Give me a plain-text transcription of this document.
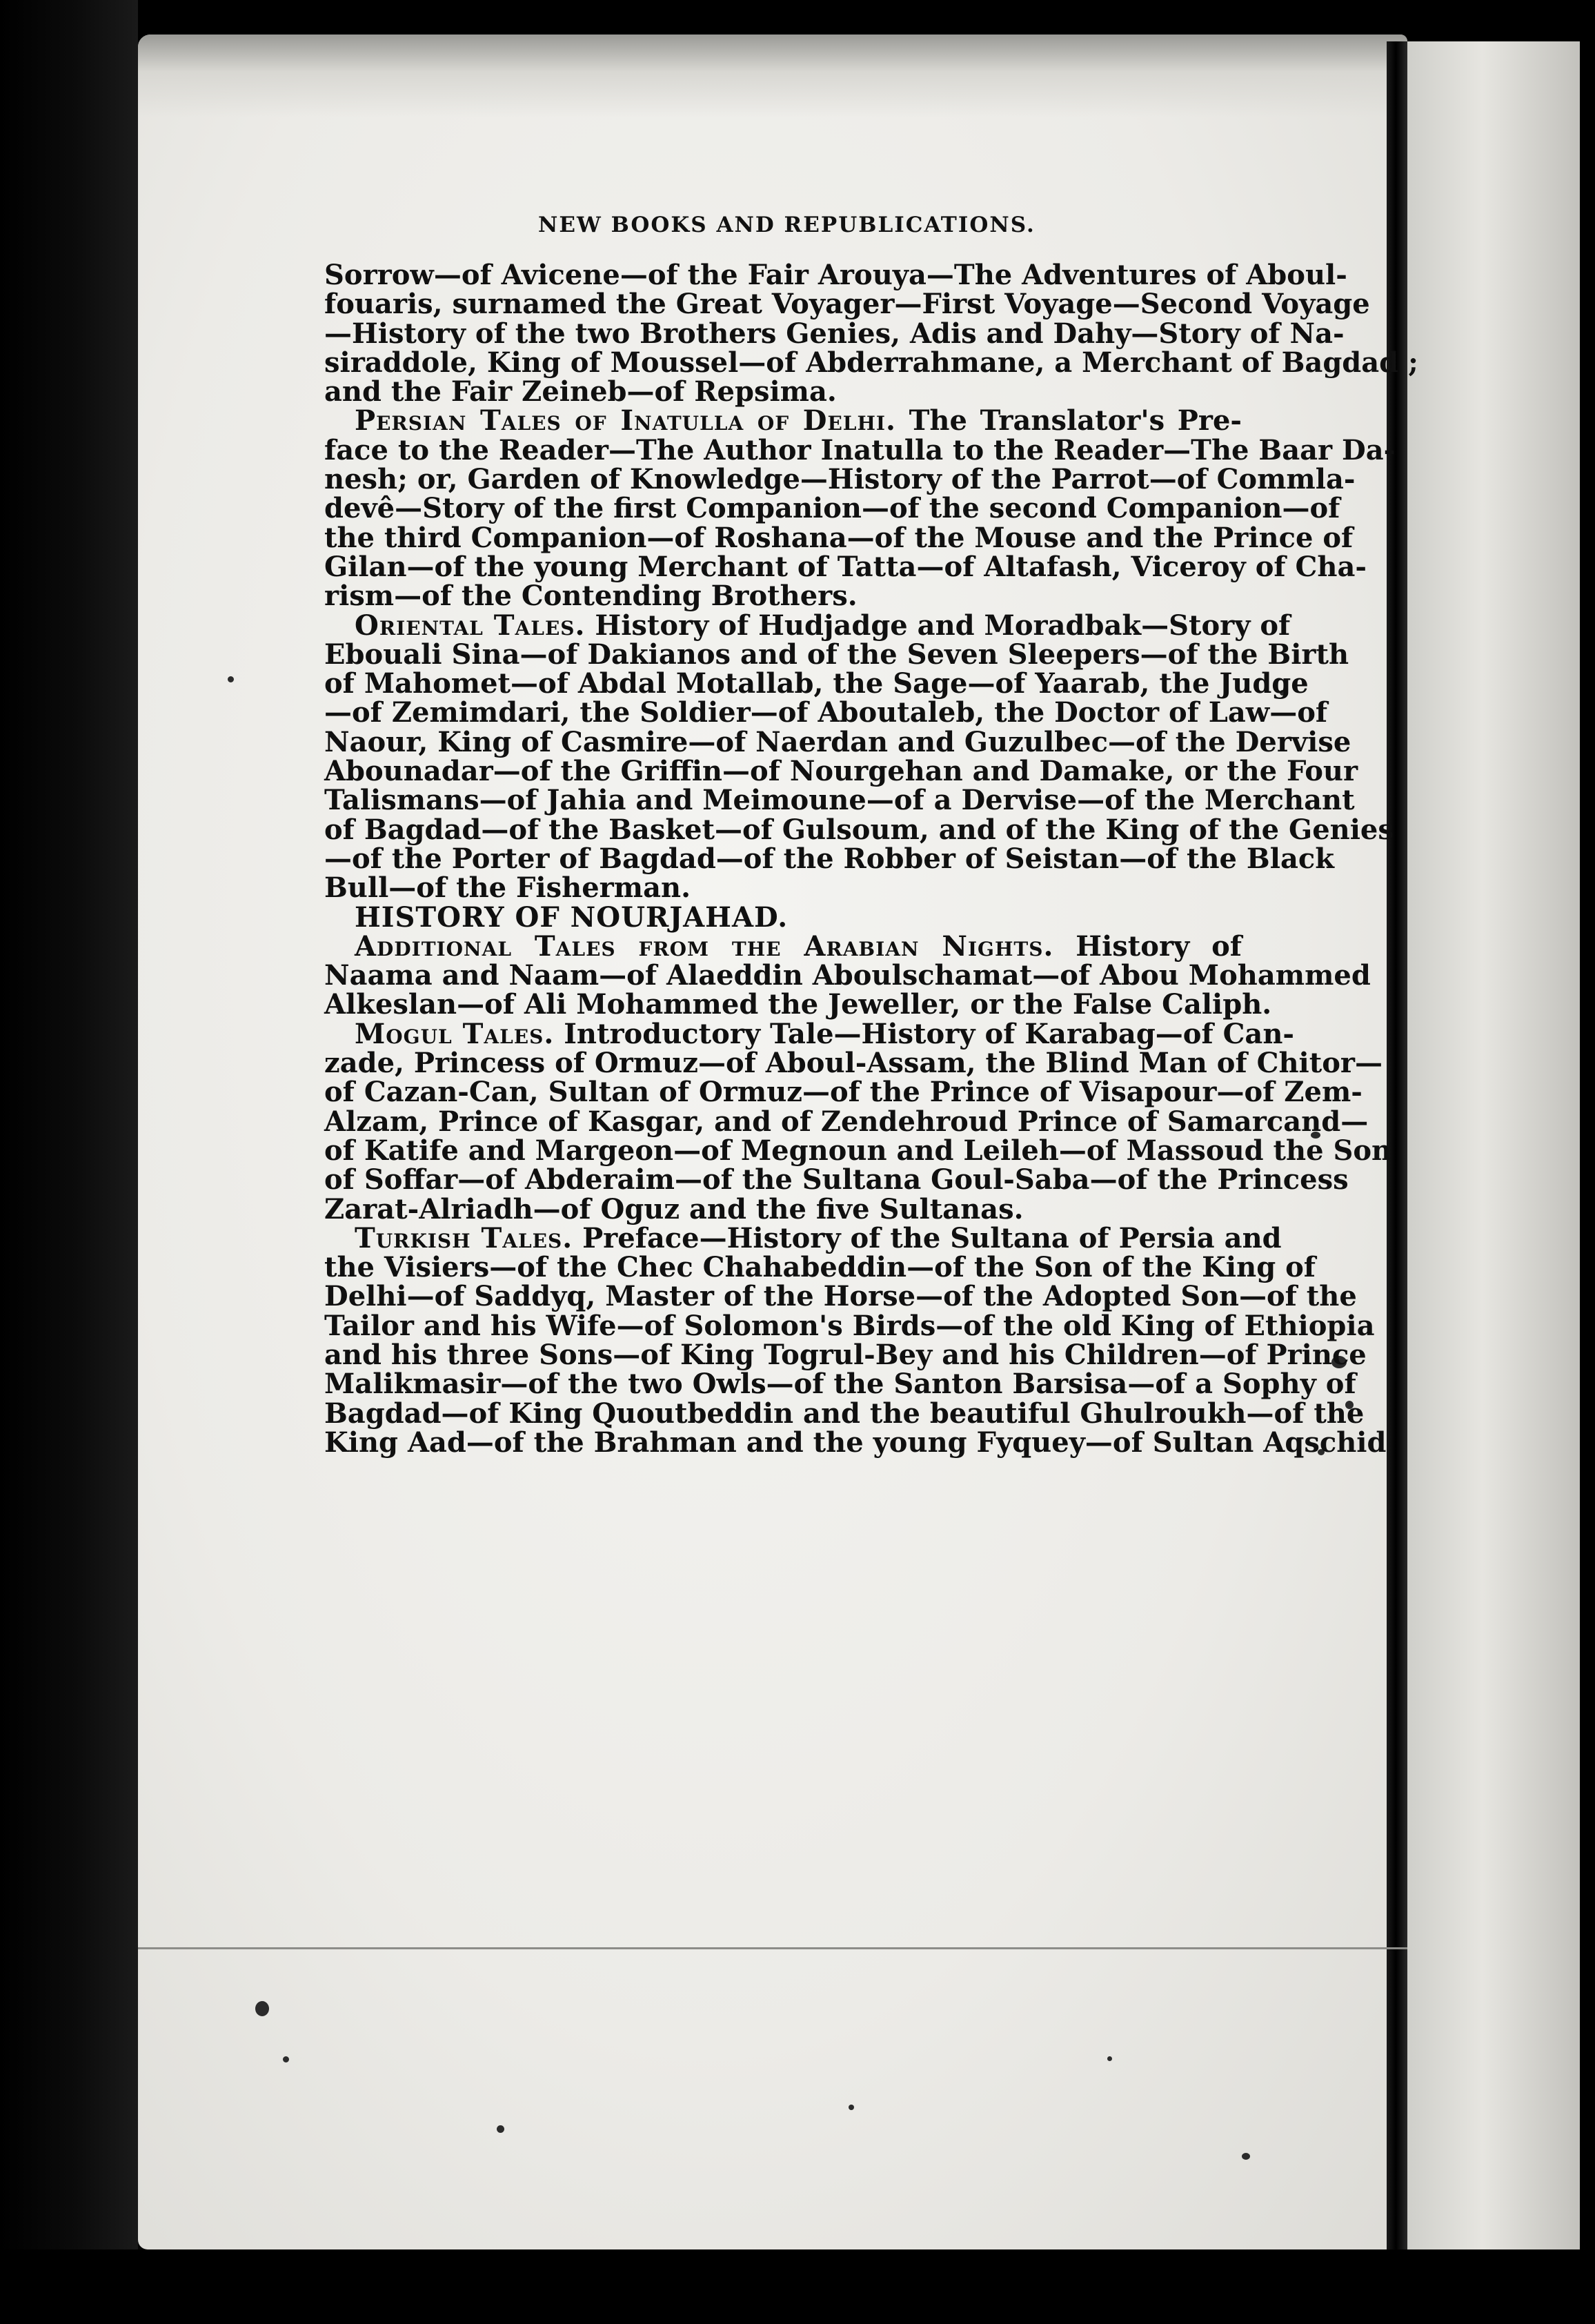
NEW BOOKS AND REPUBLICATIONS.
Sorrow—of Avicene—of the Fair Arouya—The Adventures of Aboul-
fouaris, surnamed the Great Voyager—First Voyage—Second Voyage
—History of the two Brothers Genies, Adis and Dahy—Story of Na-
siraddole, King of Moussel—of Abderrahmane, a Merchant of Bagdad ;
and the Fair Zeineb—of Repsima.
Persian Tales of Inatulla of Delhi. The Translator's Pre-
face to the Reader—The Author Inatulla to the Reader—The Baar Da-
nesh; or, Garden of Knowledge—History of the Parrot—of Commla-
devê—Story of the first Companion—of the second Companion—of
the third Companion—of Roshana—of the Mouse and the Prince of
Gilan—of the young Merchant of Tatta—of Altafash, Viceroy of Cha-
rism—of the Contending Brothers.
Oriental Tales. History of Hudjadge and Moradbak—Story of
Ebouali Sina—of Dakianos and of the Seven Sleepers—of the Birth
of Mahomet—of Abdal Motallab, the Sage—of Yaarab, the Judge
—of Zemimdari, the Soldier—of Aboutaleb, the Doctor of Law—of
Naour, King of Casmire—of Naerdan and Guzulbec—of the Dervise
Abounadar—of the Griffin—of Nourgehan and Damake, or the Four
Talismans—of Jahia and Meimoune—of a Dervise—of the Merchant
of Bagdad—of the Basket—of Gulsoum, and of the King of the Genies
—of the Porter of Bagdad—of the Robber of Seistan—of the Black
Bull—of the Fisherman.
HISTORY OF NOURJAHAD.
Additional Tales from the Arabian Nights. History of
Naama and Naam—of Alaeddin Aboulschamat—of Abou Mohammed
Alkeslan—of Ali Mohammed the Jeweller, or the False Caliph.
Mogul Tales. Introductory Tale—History of Karabag—of Can-
zade, Princess of Ormuz—of Aboul-Assam, the Blind Man of Chitor—
of Cazan-Can, Sultan of Ormuz—of the Prince of Visapour—of Zem-
Alzam, Prince of Kasgar, and of Zendehroud Prince of Samarcand—
of Katife and Margeon—of Megnoun and Leileh—of Massoud the Son
of Soffar—of Abderaim—of the Sultana Goul-Saba—of the Princess
Zarat-Alriadh—of Oguz and the five Sultanas.
Turkish Tales. Preface—History of the Sultana of Persia and
the Visiers—of the Chec Chahabeddin—of the Son of the King of
Delhi—of Saddyq, Master of the Horse—of the Adopted Son—of the
Tailor and his Wife—of Solomon's Birds—of the old King of Ethiopia
and his three Sons—of King Togrul-Bey and his Children—of Prince
Malikmasir—of the two Owls—of the Santon Barsisa—of a Sophy of
Bagdad—of King Quoutbeddin and the beautiful Ghulroukh—of the
King Aad—of the Brahman and the young Fyquey—of Sultan Aqschid
